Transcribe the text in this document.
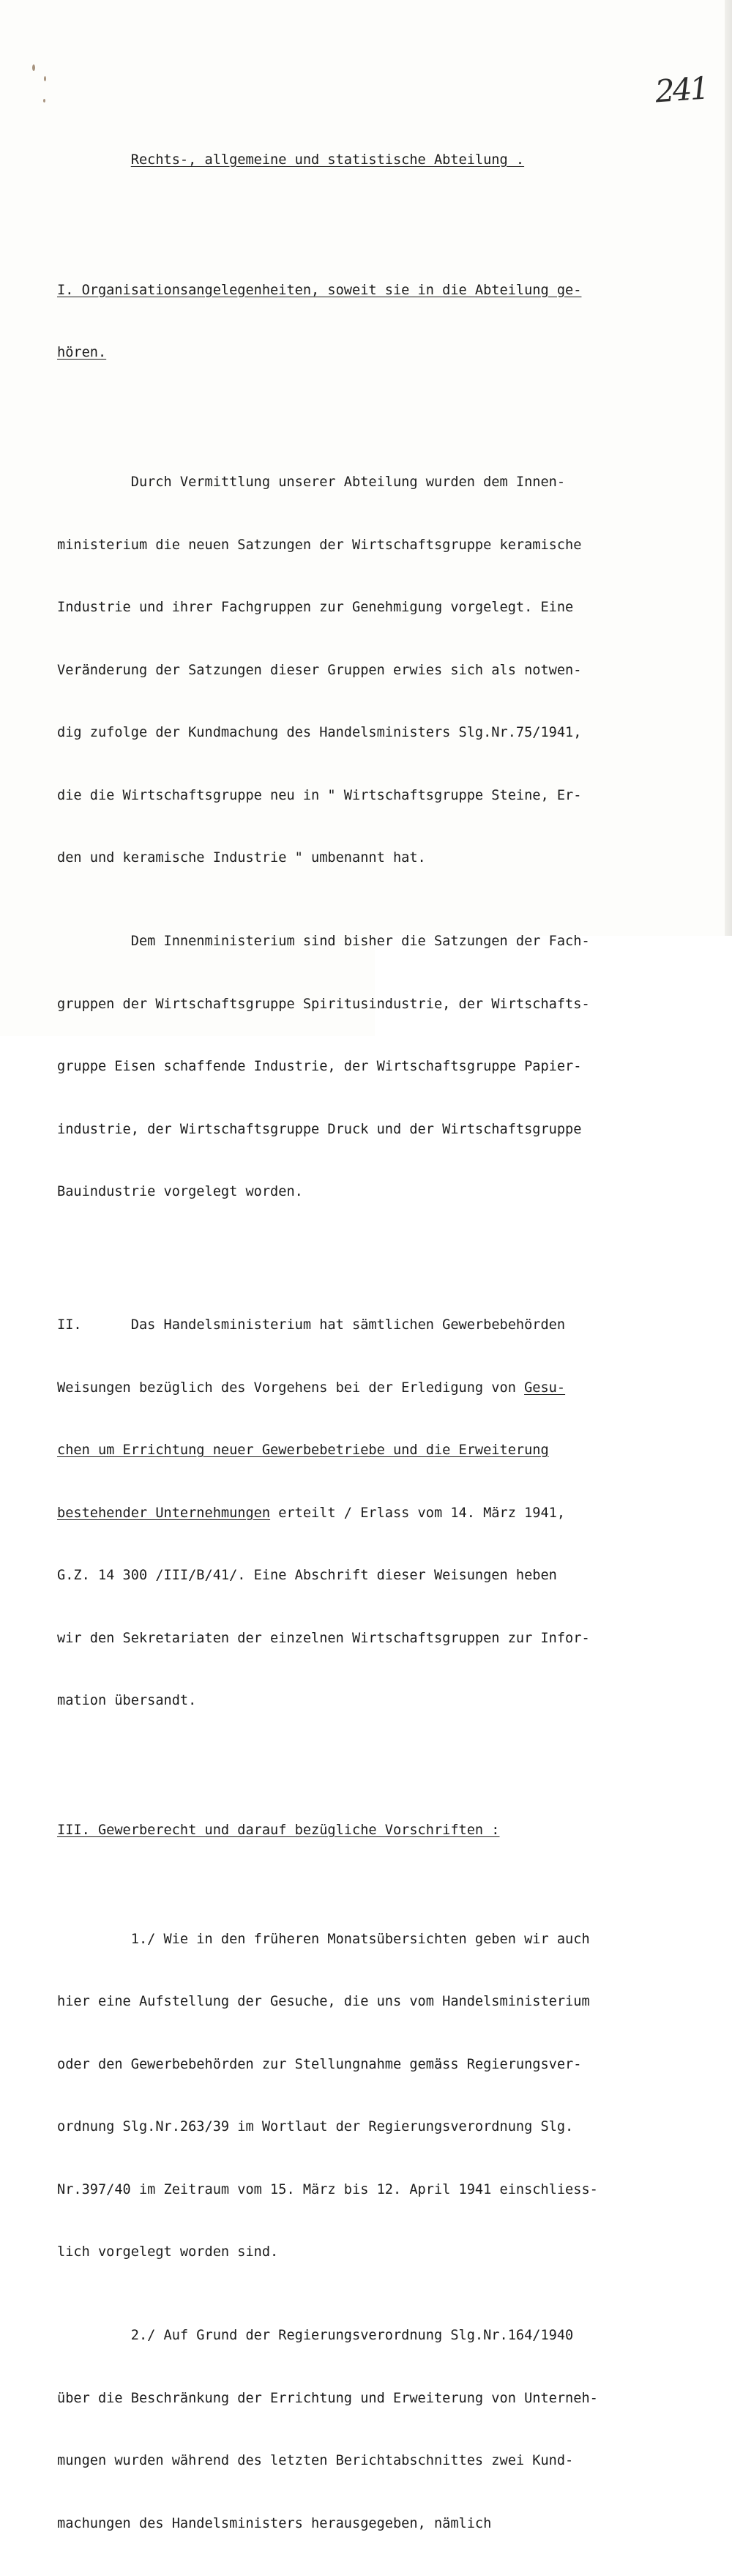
241

Rechts-, allgemeine und statistische Abteilung .

I. Organisationsangelegenheiten, soweit sie in die Abteilung ge-

hören.

Durch Vermittlung unserer Abteilung wurden dem Innen-

ministerium die neuen Satzungen der Wirtschaftsgruppe keramische

Industrie und ihrer Fachgruppen zur Genehmigung vorgelegt. Eine

Veränderung der Satzungen dieser Gruppen erwies sich als notwen-

dig zufolge der Kundmachung des Handelsministers Slg.Nr.75/1941,

die die Wirtschaftsgruppe neu in " Wirtschaftsgruppe Steine, Er-

den und keramische Industrie " umbenannt hat.

Dem Innenministerium sind bisher die Satzungen der Fach-

gruppen der Wirtschaftsgruppe Spiritusindustrie, der Wirtschafts-

gruppe Eisen schaffende Industrie, der Wirtschaftsgruppe Papier-

industrie, der Wirtschaftsgruppe Druck und der Wirtschaftsgruppe

Bauindustrie vorgelegt worden.

II.      Das Handelsministerium hat sämtlichen Gewerbebehörden

Weisungen bezüglich des Vorgehens bei der Erledigung von Gesu-

chen um Errichtung neuer Gewerbebetriebe und die Erweiterung

bestehender Unternehmungen erteilt / Erlass vom 14. März 1941,

G.Z. 14 300 /III/B/41/. Eine Abschrift dieser Weisungen heben

wir den Sekretariaten der einzelnen Wirtschaftsgruppen zur Infor-

mation übersandt.

III. Gewerberecht und darauf bezügliche Vorschriften :

1./ Wie in den früheren Monatsübersichten geben wir auch

hier eine Aufstellung der Gesuche, die uns vom Handelsministerium

oder den Gewerbebehörden zur Stellungnahme gemäss Regierungsver-

ordnung Slg.Nr.263/39 im Wortlaut der Regierungsverordnung Slg.

Nr.397/40 im Zeitraum vom 15. März bis 12. April 1941 einschliess-

lich vorgelegt worden sind.

2./ Auf Grund der Regierungsverordnung Slg.Nr.164/1940

über die Beschränkung der Errichtung und Erweiterung von Unterneh-

mungen wurden während des letzten Berichtabschnittes zwei Kund-

machungen des Handelsministers herausgegeben, nämlich
